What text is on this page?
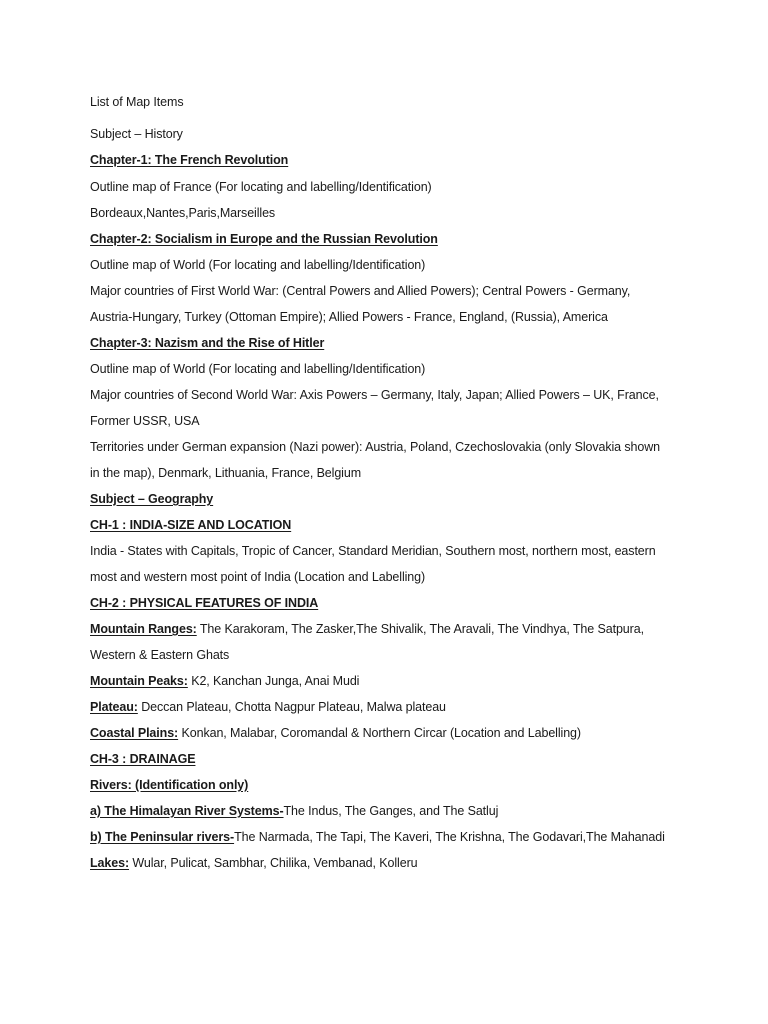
List of Map Items
Subject – History
Chapter-1: The French Revolution
Outline map of France (For locating and labelling/Identification)
Bordeaux,Nantes,Paris,Marseilles
Chapter-2: Socialism in Europe and the Russian Revolution
Outline map of World (For locating and labelling/Identification)
Major countries of First World War: (Central Powers and Allied Powers); Central Powers - Germany,
Austria-Hungary, Turkey (Ottoman Empire); Allied Powers - France, England, (Russia), America
Chapter-3: Nazism and the Rise of Hitler
Outline map of World (For locating and labelling/Identification)
Major countries of Second World War: Axis Powers – Germany, Italy, Japan; Allied Powers – UK, France,
Former USSR, USA
Territories under German expansion (Nazi power): Austria, Poland, Czechoslovakia (only Slovakia shown
in the map), Denmark, Lithuania, France, Belgium
Subject – Geography
CH-1 : INDIA-SIZE AND LOCATION
India - States with Capitals, Tropic of Cancer, Standard Meridian, Southern most, northern most, eastern
most and western most point of India (Location and Labelling)
CH-2 : PHYSICAL FEATURES OF INDIA
Mountain Ranges: The Karakoram, The Zasker,The Shivalik, The Aravali, The Vindhya, The Satpura,
Western & Eastern Ghats
Mountain Peaks: K2, Kanchan Junga, Anai Mudi
Plateau: Deccan Plateau, Chotta Nagpur Plateau, Malwa plateau
Coastal Plains: Konkan, Malabar, Coromandal & Northern Circar (Location and Labelling)
CH-3 : DRAINAGE
Rivers: (Identification only)
a) The Himalayan River Systems-The Indus, The Ganges, and The Satluj
b) The Peninsular rivers-The Narmada, The Tapi, The Kaveri, The Krishna, The Godavari,The Mahanadi
Lakes: Wular, Pulicat, Sambhar, Chilika, Vembanad, Kolleru
